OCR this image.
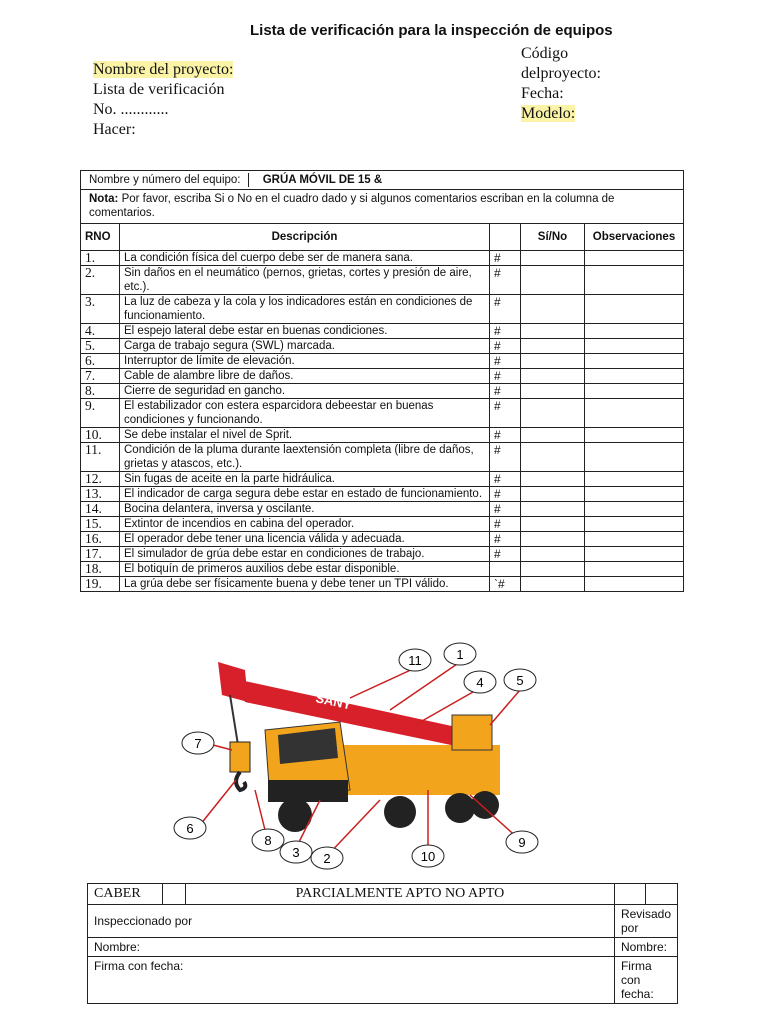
Lista de verificación para la inspección de equipos
Nombre del proyecto:
Lista de verificación
No. ............
Hacer:
Código
delproyecto:
Fecha:
Modelo:
Nombre y número del equipo: GRÚA MÓVIL DE 15 &				
Nota: Por favor, escriba Si o No en el cuadro dado y si algunos comentarios escriban en la columna de comentarios.				
RNO	Descripción		Sí/No	Observaciones
1.	La condición física del cuerpo debe ser de manera sana.	#		
2.	Sin daños en el neumático (pernos, grietas, cortes y presión de aire, etc.).	#		
3.	La luz de cabeza y la cola y los indicadores están en condiciones de funcionamiento.	#		
4.	El espejo lateral debe estar en buenas condiciones.	#		
5.	Carga de trabajo segura (SWL) marcada.	#		
6.	Interruptor de límite de elevación.	#		
7.	Cable de alambre libre de daños.	#		
8.	Cierre de seguridad en gancho.	#		
9.	El estabilizador con estera esparcidora debeestar en buenas condiciones y funcionando.	#		
10.	Se debe instalar el nivel de Sprit.	#		
11.	Condición de la pluma durante laextensión completa (libre de daños, grietas y atascos, etc.).	#		
12.	Sin fugas de aceite en la parte hidráulica.	#		
13.	El indicador de carga segura debe estar en estado de funcionamiento.	#		
14.	Bocina delantera, inversa y oscilante.	#		
15.	Extintor de incendios en cabina del operador.	#		
16.	El operador debe tener una licencia válida y adecuada.	#		
17.	El simulador de grúa debe estar en condiciones de trabajo.	#		
18.	El botiquín de primeros auxilios debe estar disponible.			
19.	La grúa debe ser físicamente buena y debe tener un TPI válido.	`#		
SANY
11	1
4	5
7
6
8
3 2	10
9
CABER		PARCIALMENTE APTO NO APTO		
Inspeccionado por			Revisado por	
Nombre:			Nombre:	
Firma con fecha:			Firma con fecha:	
